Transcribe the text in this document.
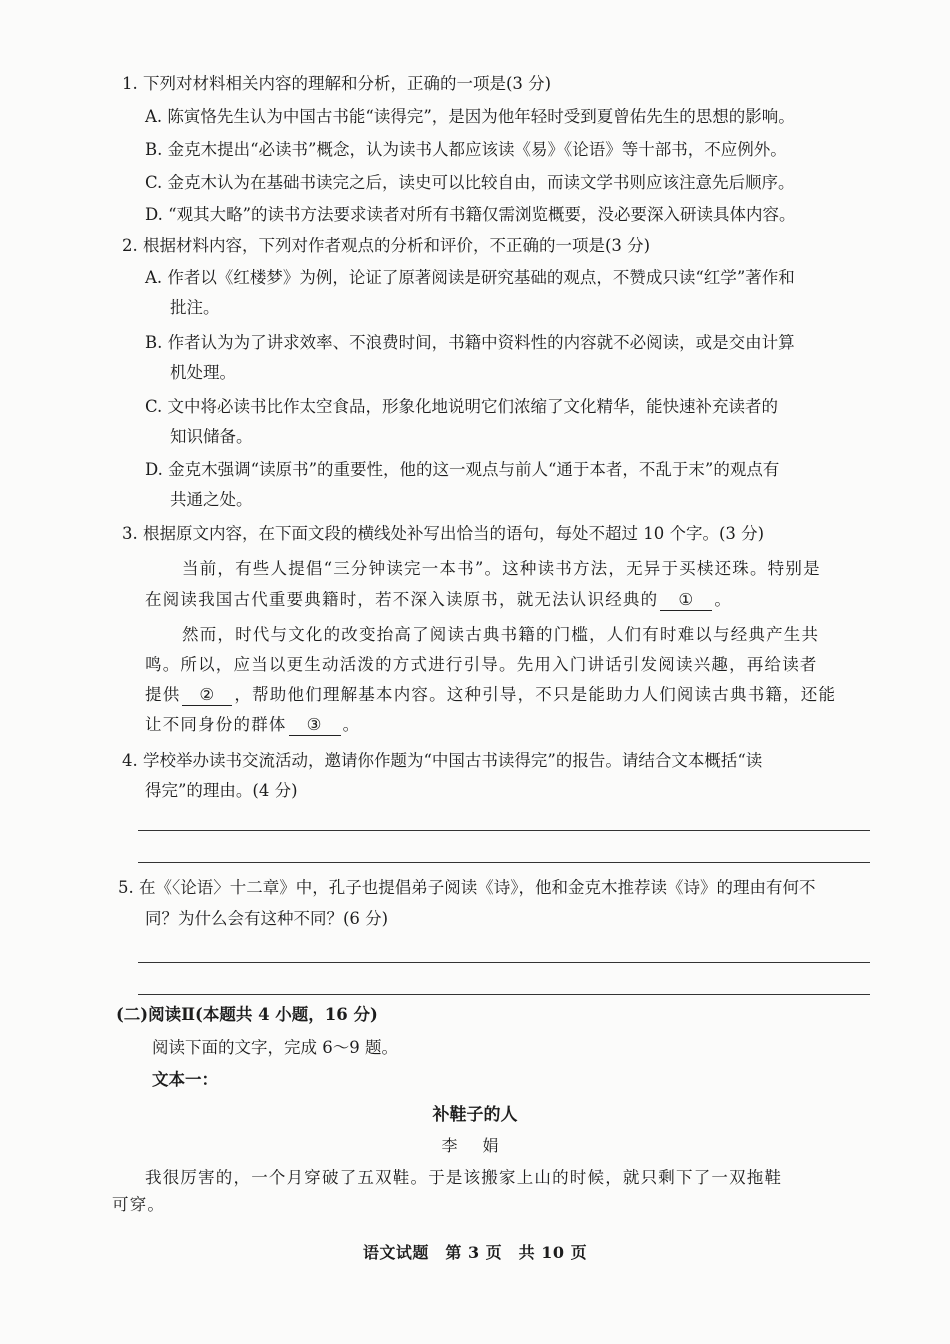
1. 下列对材料相关内容的理解和分析，正确的一项是(3 分)
A. 陈寅恪先生认为中国古书能“读得完”，是因为他年轻时受到夏曾佑先生的思想的影响。
B. 金克木提出“必读书”概念，认为读书人都应该读《易》《论语》等十部书，不应例外。
C. 金克木认为在基础书读完之后，读史可以比较自由，而读文学书则应该注意先后顺序。
D. “观其大略”的读书方法要求读者对所有书籍仅需浏览概要，没必要深入研读具体内容。
2. 根据材料内容，下列对作者观点的分析和评价，不正确的一项是(3 分)
A. 作者以《红楼梦》为例，论证了原著阅读是研究基础的观点，不赞成只读“红学”著作和
批注。
B. 作者认为为了讲求效率、不浪费时间，书籍中资料性的内容就不必阅读，或是交由计算
机处理。
C. 文中将必读书比作太空食品，形象化地说明它们浓缩了文化精华，能快速补充读者的
知识储备。
D. 金克木强调“读原书”的重要性，他的这一观点与前人“通于本者，不乱于末”的观点有
共通之处。
3. 根据原文内容，在下面文段的横线处补写出恰当的语句，每处不超过 10 个字。(3 分)
当前，有些人提倡“三分钟读完一本书”。这种读书方法，无异于买椟还珠。特别是
在阅读我国古代重要典籍时，若不深入读原书，就无法认识经典的 ① 。
然而，时代与文化的改变抬高了阅读古典书籍的门槛，人们有时难以与经典产生共
鸣。所以，应当以更生动活泼的方式进行引导。先用入门讲话引发阅读兴趣，再给读者
提供 ② ，帮助他们理解基本内容。这种引导，不只是能助力人们阅读古典书籍，还能
让不同身份的群体 ③ 。
4. 学校举办读书交流活动，邀请你作题为“中国古书读得完”的报告。请结合文本概括“读
得完”的理由。(4 分)
5. 在《〈论语〉十二章》中，孔子也提倡弟子阅读《诗》，他和金克木推荐读《诗》的理由有何不
同？为什么会有这种不同？(6 分)
(二)阅读Ⅱ(本题共 4 小题，16 分)
阅读下面的文字，完成 6～9 题。
文本一：
补鞋子的人
李 娟
我很厉害的，一个月穿破了五双鞋。于是该搬家上山的时候，就只剩下了一双拖鞋
可穿。
语文试题　第 3 页　共 10 页
